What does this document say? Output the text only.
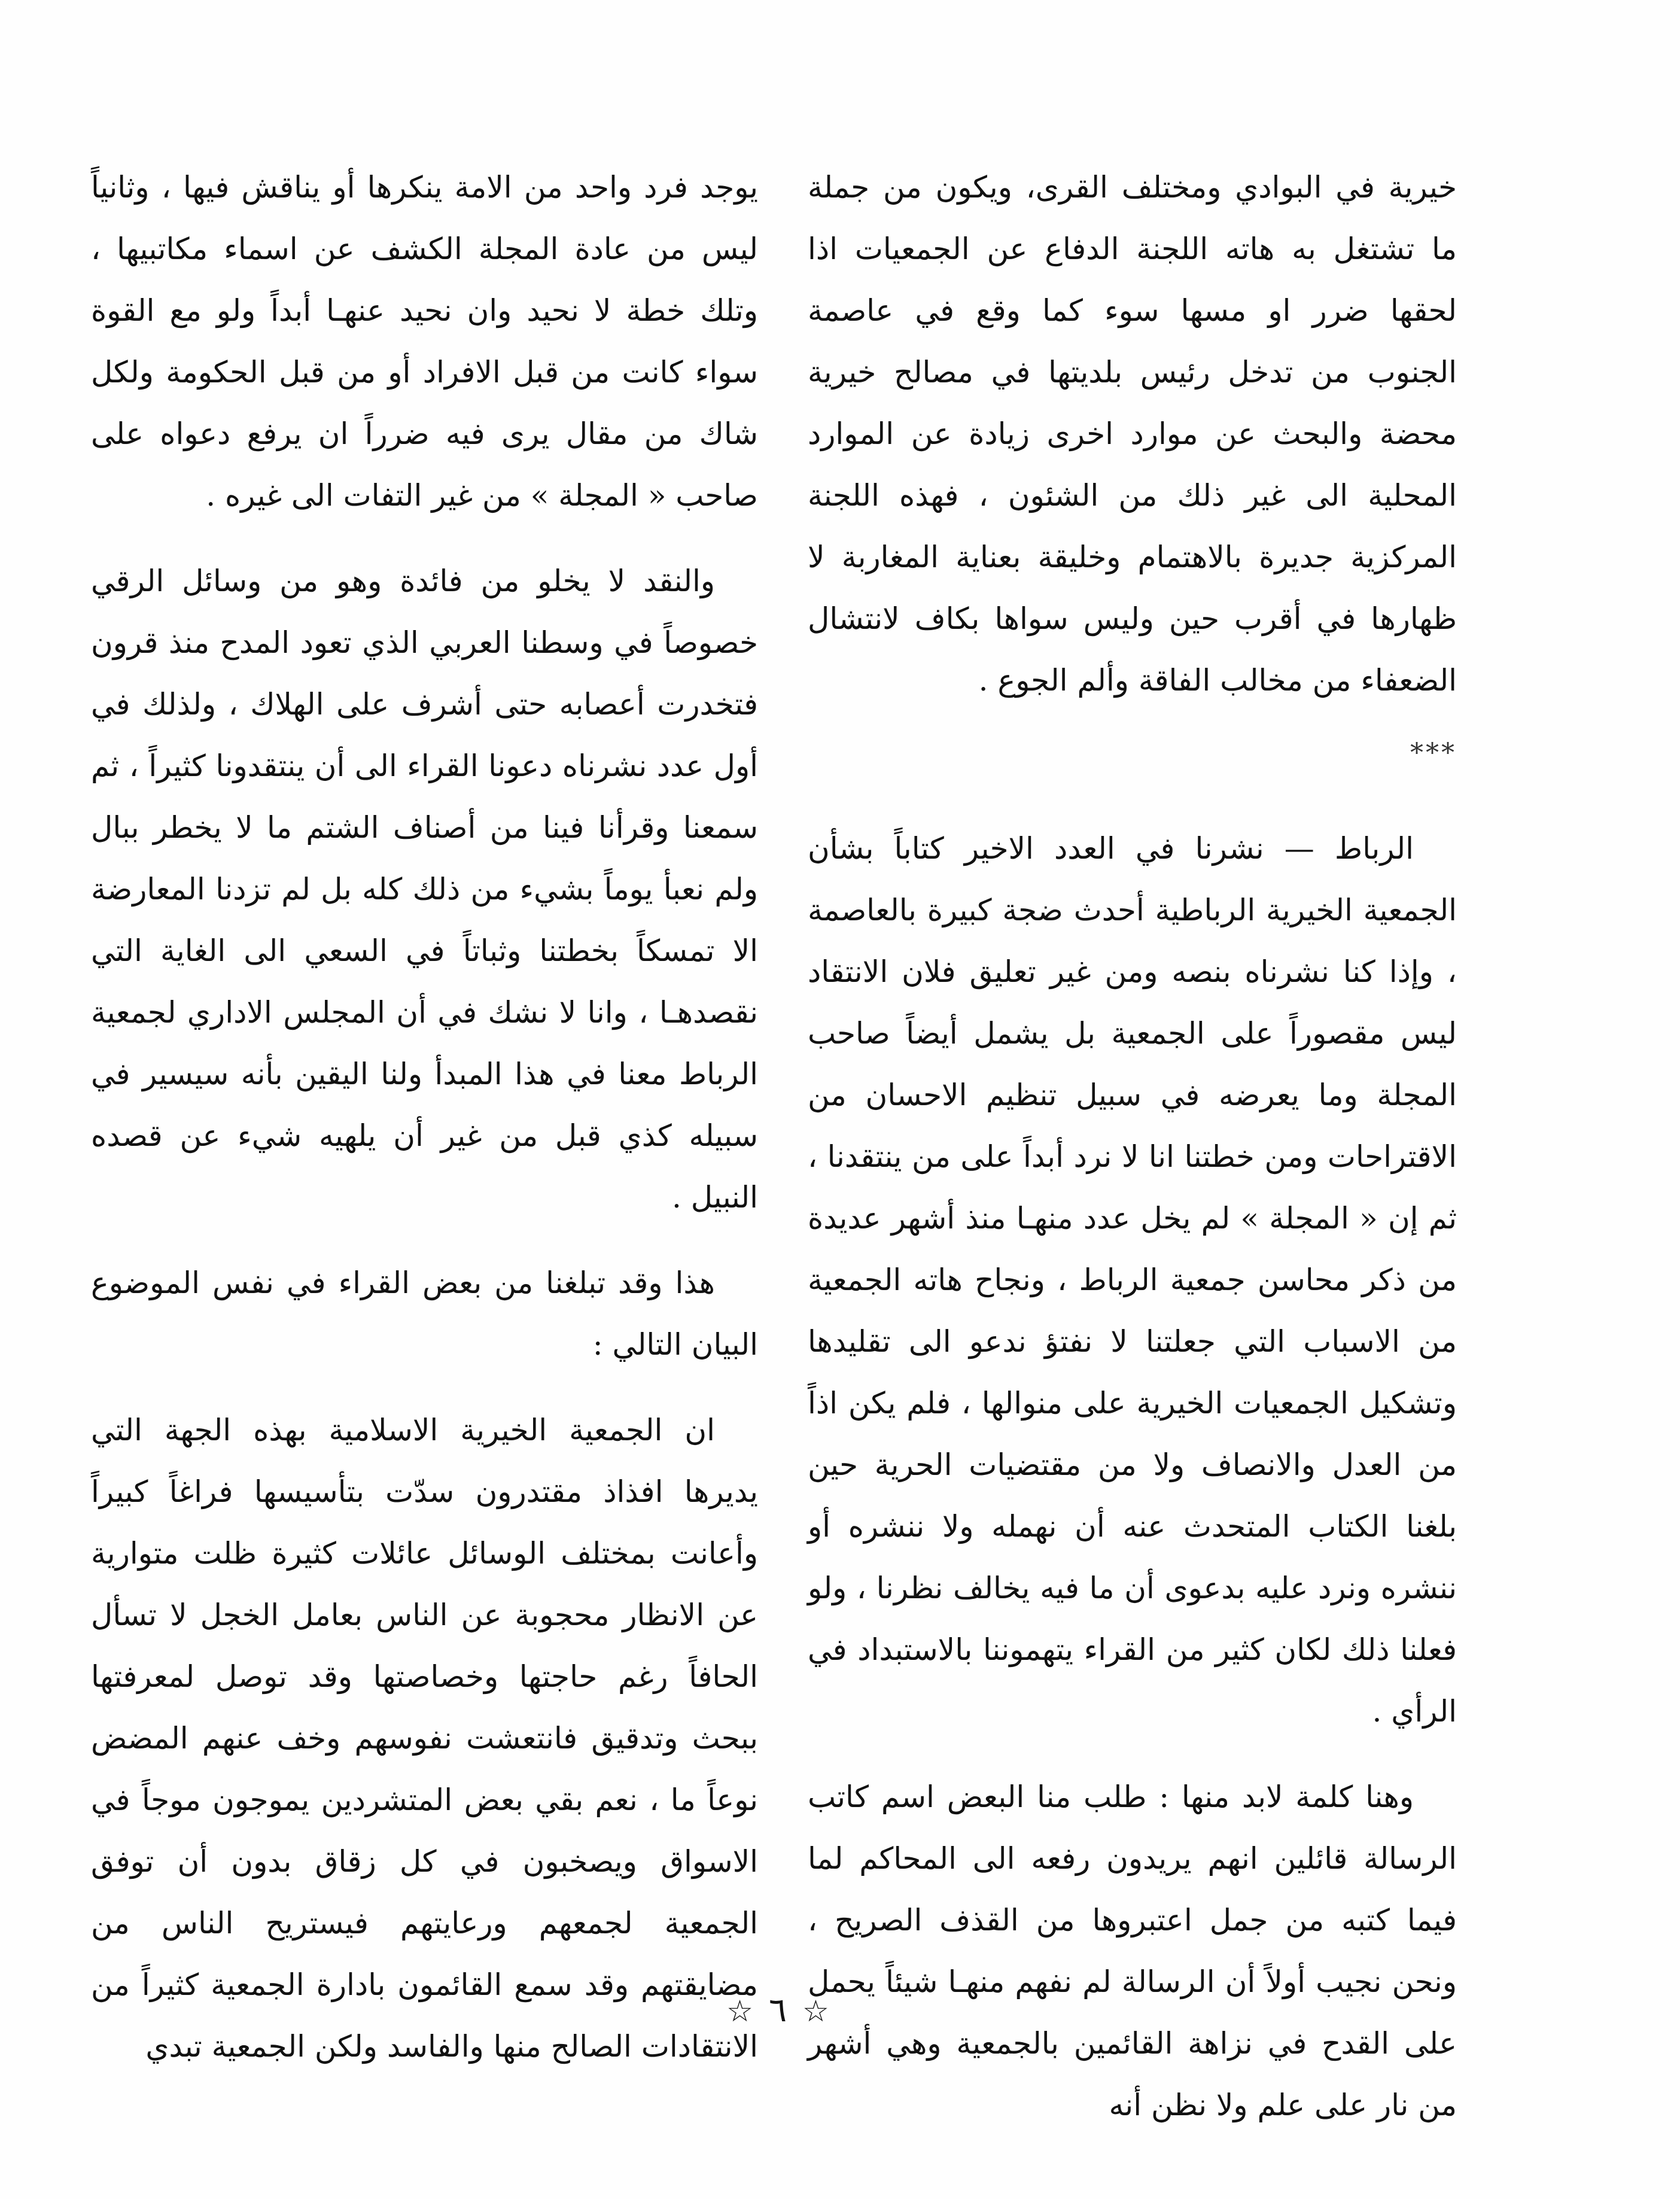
خيرية في البوادي ومختلف القرى، ويكون من جملة ما تشتغل به هاته اللجنة الدفاع عن الجمعيات اذا لحقها ضرر او مسها سوء كما وقع في عاصمة الجنوب من تدخل رئيس بلديتها في مصالح خيرية محضة والبحث عن موارد اخرى زيادة عن الموارد المحلية الى غير ذلك من الشئون ، فهذه اللجنة المركزية جديرة بالاهتمام وخليقة بعناية المغاربة لا ظهارها في أقرب حين وليس سواها بكاف لانتشال الضعفاء من مخالب الفاقة وألم الجوع .

***

الرباط — نشرنا في العدد الاخير كتاباً بشأن الجمعية الخيرية الرباطية أحدث ضجة كبيرة بالعاصمة ، وإذا كنا نشرناه بنصه ومن غير تعليق فلان الانتقاد ليس مقصوراً على الجمعية بل يشمل أيضاً صاحب المجلة وما يعرضه في سبيل تنظيم الاحسان من الاقتراحات ومن خطتنا انا لا نرد أبداً على من ينتقدنا ، ثم إن « المجلة » لم يخل عدد منهـا منذ أشهر عديدة من ذكر محاسن جمعية الرباط ، ونجاح هاته الجمعية من الاسباب التي جعلتنا لا نفتؤ ندعو الى تقليدها وتشكيل الجمعيات الخيرية على منوالها ، فلم يكن اذاً من العدل والانصاف ولا من مقتضيات الحرية حين بلغنا الكتاب المتحدث عنه أن نهمله ولا ننشره أو ننشره ونرد عليه بدعوى أن ما فيه يخالف نظرنا ، ولو فعلنا ذلك لكان كثير من القراء يتهموننا بالاستبداد في الرأي .

وهنا كلمة لابد منها : طلب منا البعض اسم كاتب الرسالة قائلين انهم يريدون رفعه الى المحاكم لما فيما كتبه من جمل اعتبروها من القذف الصريح ، ونحن نجيب أولاً أن الرسالة لم نفهم منهـا شيئاً يحمل على القدح في نزاهة القائمين بالجمعية وهي أشهر من نار على علم ولا نظن أنه

يوجد فرد واحد من الامة ينكرها أو يناقش فيها ، وثانياً ليس من عادة المجلة الكشف عن اسماء مكاتبيها ، وتلك خطة لا نحيد وان نحيد عنهـا أبداً ولو مع القوة سواء كانت من قبل الافراد أو من قبل الحكومة ولكل شاك من مقال يرى فيه ضرراً ان يرفع دعواه على صاحب « المجلة » من غير التفات الى غيره .

والنقد لا يخلو من فائدة وهو من وسائل الرقي خصوصاً في وسطنا العربي الذي تعود المدح منذ قرون فتخدرت أعصابه حتى أشرف على الهلاك ، ولذلك في أول عدد نشرناه دعونا القراء الى أن ينتقدونا كثيراً ، ثم سمعنا وقرأنا فينا من أصناف الشتم ما لا يخطر ببال ولم نعبأ يوماً بشيء من ذلك كله بل لم تزدنا المعارضة الا تمسكاً بخطتنا وثباتاً في السعي الى الغاية التي نقصدهـا ، وانا لا نشك في أن المجلس الاداري لجمعية الرباط معنا في هذا المبدأ ولنا اليقين بأنه سيسير في سبيله كذي قبل من غير أن يلهيه شيء عن قصده النبيل .

هذا وقد تبلغنا من بعض القراء في نفس الموضوع البيان التالي :

ان الجمعية الخيرية الاسلامية بهذه الجهة التي يديرها افذاذ مقتدرون سدّت بتأسيسها فراغاً كبيراً وأعانت بمختلف الوسائل عائلات كثيرة ظلت متوارية عن الانظار محجوبة عن الناس بعامل الخجل لا تسأل الحافاً رغم حاجتها وخصاصتها وقد توصل لمعرفتها ببحث وتدقيق فانتعشت نفوسهم وخف عنهم المضض نوعاً ما ، نعم بقي بعض المتشردين يموجون موجاً في الاسواق ويصخبون في كل زقاق بدون أن توفق الجمعية لجمعهم ورعايتهم فيستريح الناس من مضايقتهم وقد سمع القائمون بادارة الجمعية كثيراً من الانتقادات الصالح منها والفاسد ولكن الجمعية تبدي

☆ ٦ ☆
